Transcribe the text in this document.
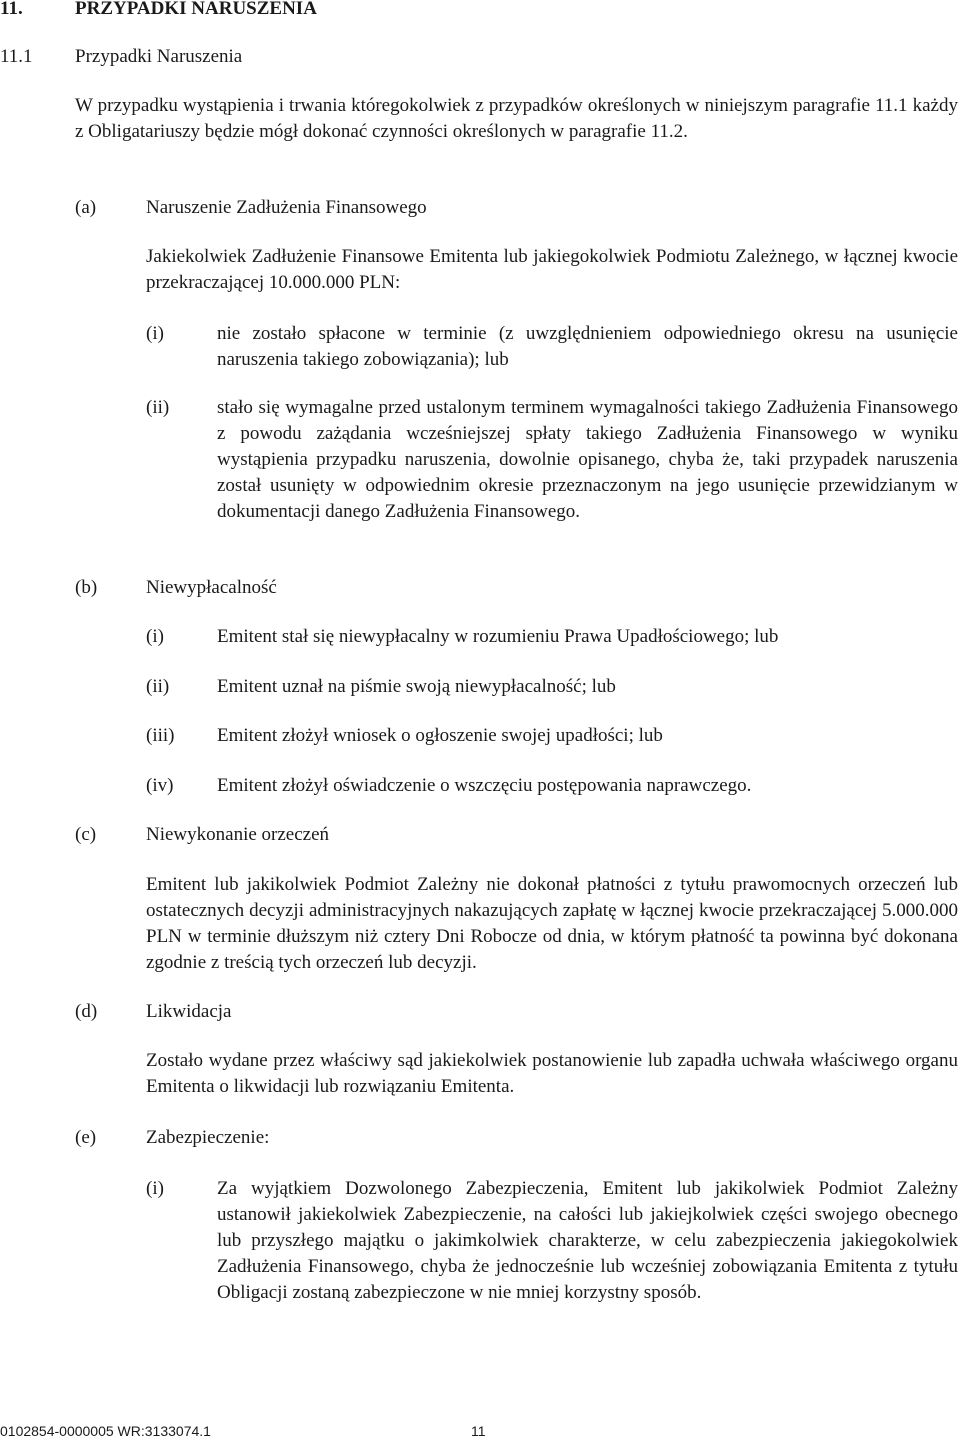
11.	PRZYPADKI NARUSZENIA
11.1 Przypadki Naruszenia
W przypadku wystąpienia i trwania któregokolwiek z przypadków określonych w niniejszym paragrafie 11.1 każdy z Obligatariuszy będzie mógł dokonać czynności określonych w paragrafie 11.2.
(a)	Naruszenie Zadłużenia Finansowego
Jakiekolwiek Zadłużenie Finansowe Emitenta lub jakiegokolwiek Podmiotu Zależnego, w łącznej kwocie przekraczającej 10.000.000 PLN:
(i)	nie zostało spłacone w terminie (z uwzględnieniem odpowiedniego okresu na usunięcie naruszenia takiego zobowiązania); lub
(ii)	stało się wymagalne przed ustalonym terminem wymagalności takiego Zadłużenia Finansowego z powodu zażądania wcześniejszej spłaty takiego Zadłużenia Finansowego w wyniku wystąpienia przypadku naruszenia, dowolnie opisanego, chyba że, taki przypadek naruszenia został usunięty w odpowiednim okresie przeznaczonym na jego usunięcie przewidzianym w dokumentacji danego Zadłużenia Finansowego.
(b)	Niewypłacalność
(i)	Emitent stał się niewypłacalny w rozumieniu Prawa Upadłościowego; lub
(ii)	Emitent uznał na piśmie swoją niewypłacalność; lub
(iii) Emitent złożył wniosek o ogłoszenie swojej upadłości; lub
(iv) Emitent złożył oświadczenie o wszczęciu postępowania naprawczego.
(c)	Niewykonanie orzeczeń
Emitent lub jakikolwiek Podmiot Zależny nie dokonał płatności z tytułu prawomocnych orzeczeń lub ostatecznych decyzji administracyjnych nakazujących zapłatę w łącznej kwocie przekraczającej 5.000.000 PLN w terminie dłuższym niż cztery Dni Robocze od dnia, w którym płatność ta powinna być dokonana zgodnie z treścią tych orzeczeń lub decyzji.
(d)	Likwidacja
Zostało wydane przez właściwy sąd jakiekolwiek postanowienie lub zapadła uchwała właściwego organu Emitenta o likwidacji lub rozwiązaniu Emitenta.
(e)	Zabezpieczenie:
(i)	Za wyjątkiem Dozwolonego Zabezpieczenia, Emitent lub jakikolwiek Podmiot Zależny ustanowił jakiekolwiek Zabezpieczenie, na całości lub jakiejkolwiek części swojego obecnego lub przyszłego majątku o jakimkolwiek charakterze, w celu zabezpieczenia jakiegokolwiek Zadłużenia Finansowego, chyba że jednocześnie lub wcześniej zobowiązania Emitenta z tytułu Obligacji zostaną zabezpieczone w nie mniej korzystny sposób.
0102854-0000005 WR:3133074.1	11
